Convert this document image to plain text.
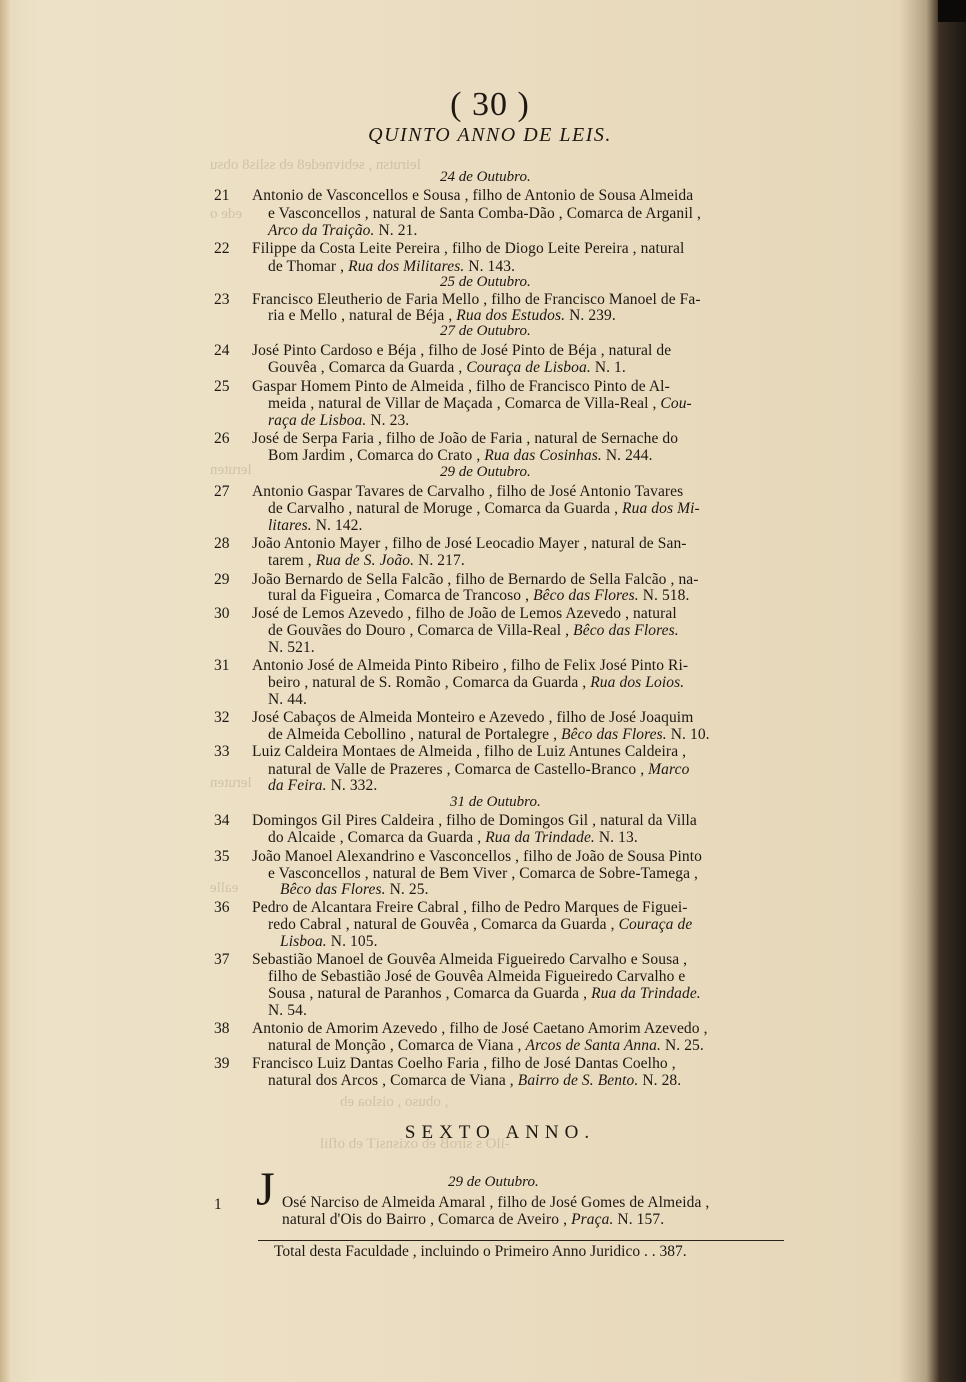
leirutsn , sebivnede8 eb sslis8 obsu
ede o
leruten
leruten
ealle
, obuso , oisloa eb
-ilO s siroB eb oxisnsiT eb oflil
( 30 )
QUINTO ANNO DE LEIS.
24 de Outubro.
25 de Outubro.
27 de Outubro.
29 de Outubro.
31 de Outubro.
29 de Outubro.
21	Antonio de Vasconcellos e Sousa , filho de Antonio de Sousa Almeida
e Vasconcellos , natural de Santa Comba-Dão , Comarca de Arganil ,
Arco da Traição. N. 21.
22	Filippe da Costa Leite Pereira , filho de Diogo Leite Pereira , natural
de Thomar , Rua dos Militares. N. 143.
23	Francisco Eleutherio de Faria Mello , filho de Francisco Manoel de Fa-
ria e Mello , natural de Béja , Rua dos Estudos. N. 239.
24	José Pinto Cardoso e Béja , filho de José Pinto de Béja , natural de
Gouvêa , Comarca da Guarda , Couraça de Lisboa. N. 1.
25	Gaspar Homem Pinto de Almeida , filho de Francisco Pinto de Al-
meida , natural de Villar de Maçada , Comarca de Villa-Real , Cou-
raça de Lisboa. N. 23.
26	José de Serpa Faria , filho de João de Faria , natural de Sernache do
Bom Jardim , Comarca do Crato , Rua das Cosinhas. N. 244.
27	Antonio Gaspar Tavares de Carvalho , filho de José Antonio Tavares
de Carvalho , natural de Moruge , Comarca da Guarda , Rua dos Mi-
litares. N. 142.
28	João Antonio Mayer , filho de José Leocadio Mayer , natural de San-
tarem , Rua de S. João. N. 217.
29	João Bernardo de Sella Falcão , filho de Bernardo de Sella Falcão , na-
tural da Figueira , Comarca de Trancoso , Bêco das Flores. N. 518.
30	José de Lemos Azevedo , filho de João de Lemos Azevedo , natural
de Gouvães do Douro , Comarca de Villa-Real , Bêco das Flores.
N. 521.
31	Antonio José de Almeida Pinto Ribeiro , filho de Felix José Pinto Ri-
beiro , natural de S. Romão , Comarca da Guarda , Rua dos Loios.
N. 44.
32	José Cabaços de Almeida Monteiro e Azevedo , filho de José Joaquim
de Almeida Cebollino , natural de Portalegre , Bêco das Flores. N. 10.
33	Luiz Caldeira Montaes de Almeida , filho de Luiz Antunes Caldeira ,
natural de Valle de Prazeres , Comarca de Castello-Branco , Marco
da Feira. N. 332.
34	Domingos Gil Pires Caldeira , filho de Domingos Gil , natural da Villa
do Alcaide , Comarca da Guarda , Rua da Trindade. N. 13.
35	João Manoel Alexandrino e Vasconcellos , filho de João de Sousa Pinto
e Vasconcellos , natural de Bem Viver , Comarca de Sobre-Tamega ,
Bêco das Flores. N. 25.
36	Pedro de Alcantara Freire Cabral , filho de Pedro Marques de Figuei-
redo Cabral , natural de Gouvêa , Comarca da Guarda , Couraça de
Lisboa. N. 105.
37	Sebastião Manoel de Gouvêa Almeida Figueiredo Carvalho e Sousa ,
filho de Sebastião José de Gouvêa Almeida Figueiredo Carvalho e
Sousa , natural de Paranhos , Comarca da Guarda , Rua da Trindade.
N. 54.
38	Antonio de Amorim Azevedo , filho de José Caetano Amorim Azevedo ,
natural de Monção , Comarca de Viana , Arcos de Santa Anna. N. 25.
39	Francisco Luiz Dantas Coelho Faria , filho de José Dantas Coelho ,
natural dos Arcos , Comarca de Viana , Bairro de S. Bento. N. 28.
SEXTO ANNO.
1 J Osé Narciso de Almeida Amaral , filho de José Gomes de Almeida ,
natural d'Ois do Bairro , Comarca de Aveiro , Praça. N. 157.
Total desta Faculdade , incluindo o Primeiro Anno Juridico . . 387.
